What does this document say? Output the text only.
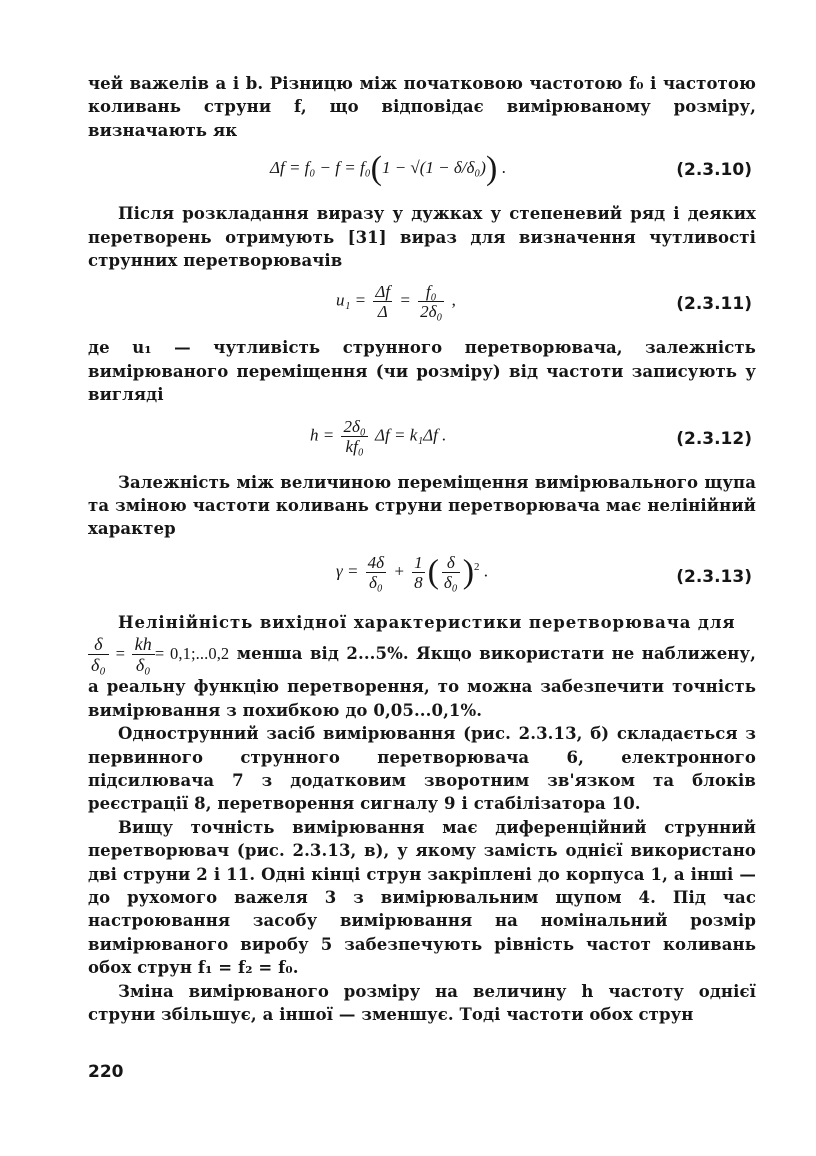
чей важелів a і b. Різницю між початковою частотою f₀ і частотою коливань струни f, що відповідає вимірюваному розміру, визначають як

Δf = f₀ − f = f₀(1 − √(1 − δ/δ₀)) .	(2.3.10)

Після розкладання виразу у дужках у степеневий ряд і деяких перетворень отримують [31] вираз для визначення чутливості струнних перетворювачів

$u_1 = \frac{\Delta f}{\Delta} = \frac{\text{f₀}}{\text{2δ₀}}$ ,	(2.3.11)

де u₁ — чутливість струнного перетворювача, залежність вимірюваного переміщення (чи розміру) від частоти записують у вигляді

$h = \frac{\text{2δ₀}}{\text{kf₀}}$ Δf = k₁Δf .	(2.3.12)

Залежність між величиною переміщення вимірювального щупа та зміною частоти коливань струни перетворювача має нелінійний характер

$\gamma = \frac{4\delta}{\text{δ₀}} + \frac{1}{8}$ ( $\frac{\delta}{\text{δ₀}} )^2$ .	(2.3.13)

Нелінійність вихідної характеристики перетворювача для

$\frac{\delta}{\text{δ₀}} = \frac{kh}{\text{δ₀}}$ = 0,1;...0,2 менша від 2...5%. Якщо використати не наближену, а реальну функцію перетворення, то можна забезпечити точність вимірювання з похибкою до 0,05...0,1%.

Однострунний засіб вимірювання (рис. 2.3.13, б) складається з первинного струнного перетворювача 6, електронного підсилювача 7 з додатковим зворотним зв'язком та блоків реєстрації 8, перетворення сигналу 9 і стабілізатора 10.

Вищу точність вимірювання має диференційний струнний перетворювач (рис. 2.3.13, в), у якому замість однієї використано дві струни 2 і 11. Одні кінці струн закріплені до корпуса 1, а інші — до рухомого важеля 3 з вимірювальним щупом 4. Під час настроювання засобу вимірювання на номінальний розмір вимірюваного виробу 5 забезпечують рівність частот коливань обох струн f₁ = f₂ = f₀.

Зміна вимірюваного розміру на величину h частоту однієї струни збільшує, а іншої — зменшує. Тоді частоти обох струн

220
